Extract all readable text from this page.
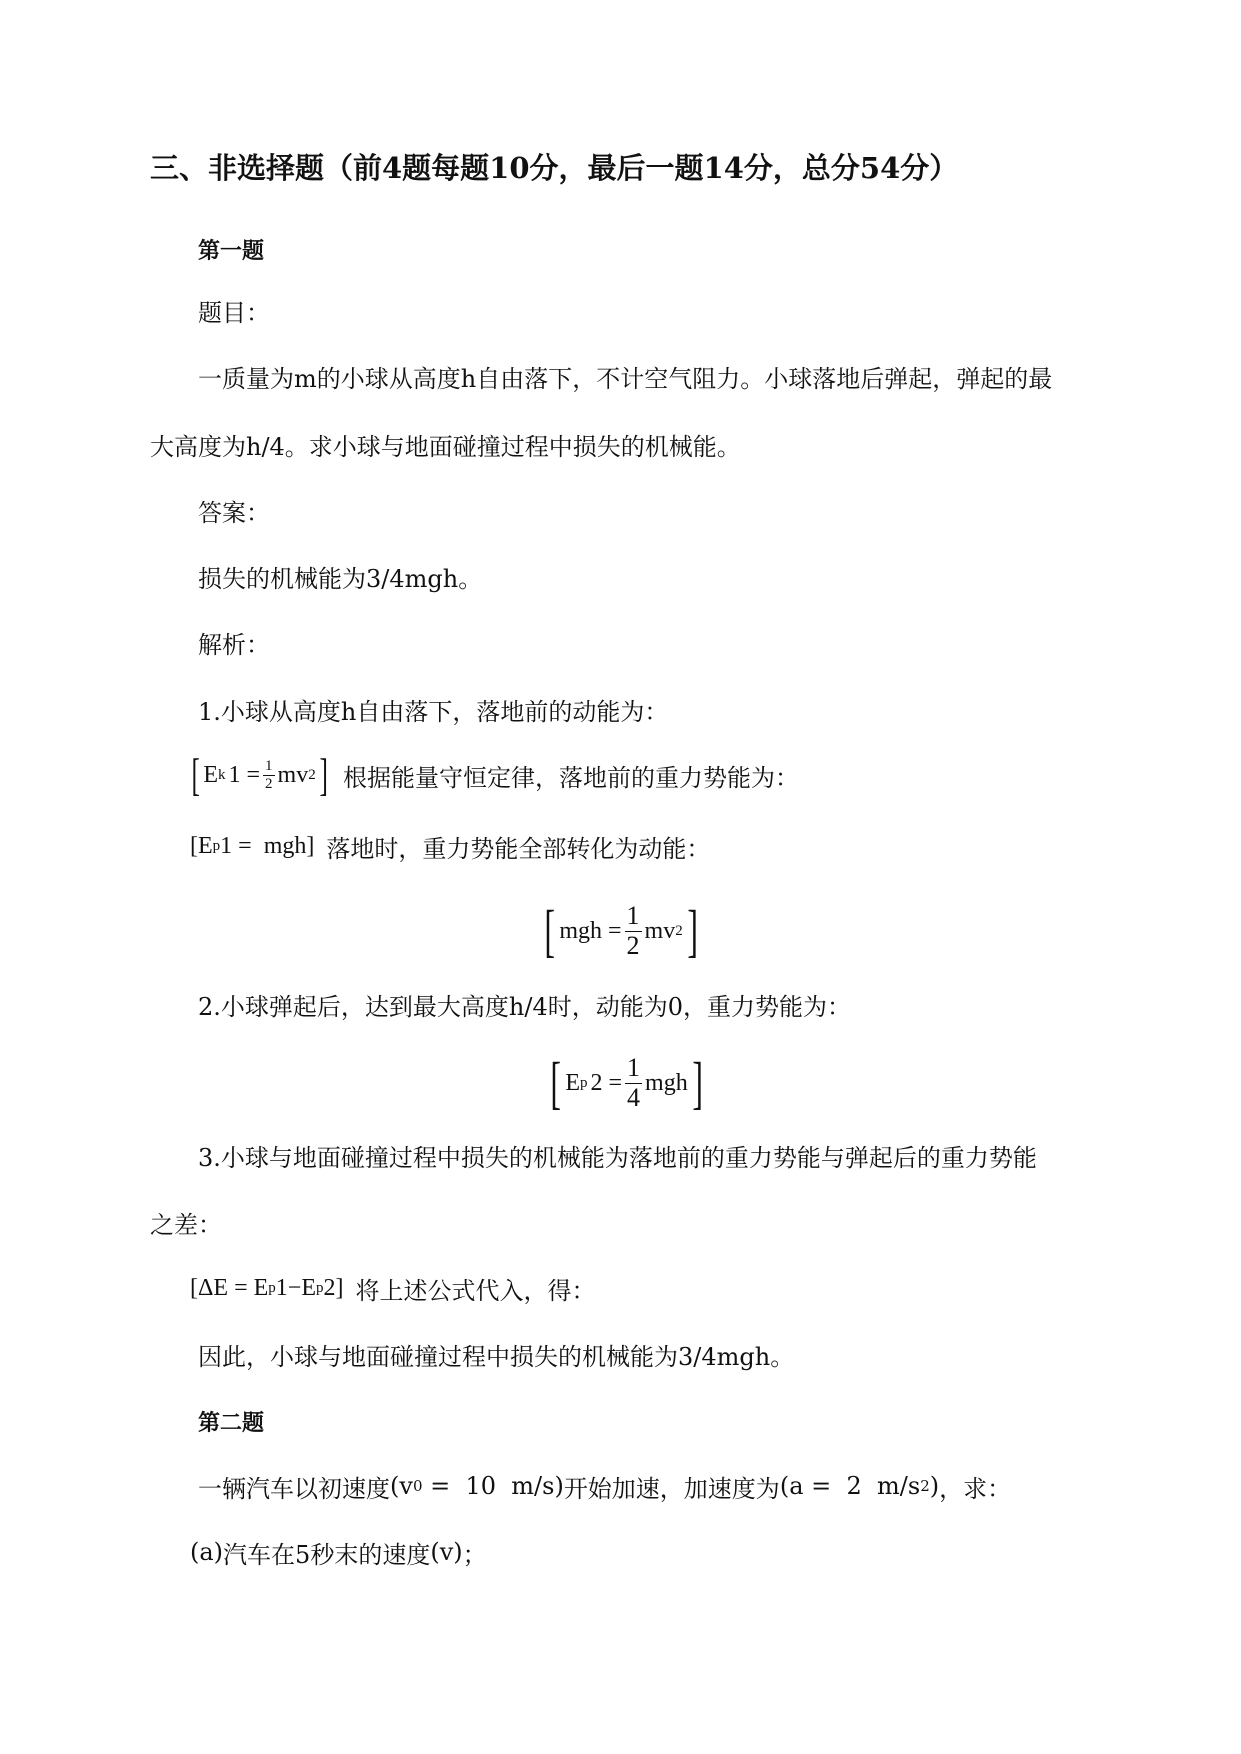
三、非选择题（前4题每题10分，最后一题14分，总分54分）
第一题
题目：
一质量为m的小球从高度h自由落下，不计空气阻力。小球落地后弹起，弹起的最
大高度为h/4。求小球与地面碰撞过程中损失的机械能。
答案：
损失的机械能为3/4mgh。
解析：
1.小球从高度h自由落下，落地前的动能为：
[ E k $1 = \frac{1}{2}$ mv 2 ] 根据能量守恒定律，落地前的重力势能为：
[ E p 1 =  mgh ] 落地时，重力势能全部转化为动能：
[ mgh = $\frac{1}{2}$ mv 2 ]
2.小球弹起后，达到最大高度h/4时，动能为0，重力势能为：
[ E p $2 = \frac{1}{4}$ mgh ]
3.小球与地面碰撞过程中损失的机械能为落地前的重力势能与弹起后的重力势能
之差：
[ ΔE = E p 1−E p 2 ] 将上述公式代入，得：
因此，小球与地面碰撞过程中损失的机械能为3/4mgh。
第二题
一辆汽车以初速度 ( v 0 =  10  m/s ) 开始加速，加速度为 ( a =  2  m/s 2 ) ，求：
(a) 汽车在5秒末的速度 (v) ；
